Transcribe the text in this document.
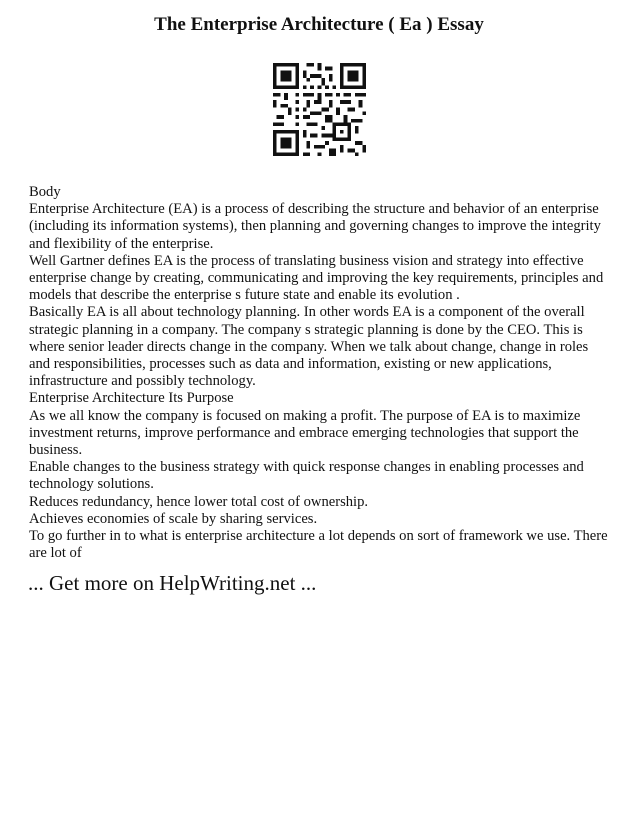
The Enterprise Architecture ( Ea ) Essay

Body

Enterprise Architecture (EA) is a process of describing the structure and behavior of an enterprise (including its information systems), then planning and governing changes to improve the integrity and flexibility of the enterprise.

Well Gartner defines EA is the process of translating business vision and strategy into effective enterprise change by creating, communicating and improving the key requirements, principles and models that describe the enterprise s future state and enable its evolution .

Basically EA is all about technology planning. In other words EA is a component of the overall strategic planning in a company. The company s strategic planning is done by the CEO. This is where senior leader directs change in the company. When we talk about change, change in roles and responsibilities, processes such as data and information, existing or new applications, infrastructure and possibly technology.

Enterprise Architecture Its Purpose

As we all know the company is focused on making a profit. The purpose of EA is to maximize investment returns, improve performance and embrace emerging technologies that support the business.

Enable changes to the business strategy with quick response changes in enabling processes and technology solutions.

Reduces redundancy, hence lower total cost of ownership.

Achieves economies of scale by sharing services.

To go further in to what is enterprise architecture a lot depends on sort of framework we use. There are lot of

... Get more on HelpWriting.net ...
